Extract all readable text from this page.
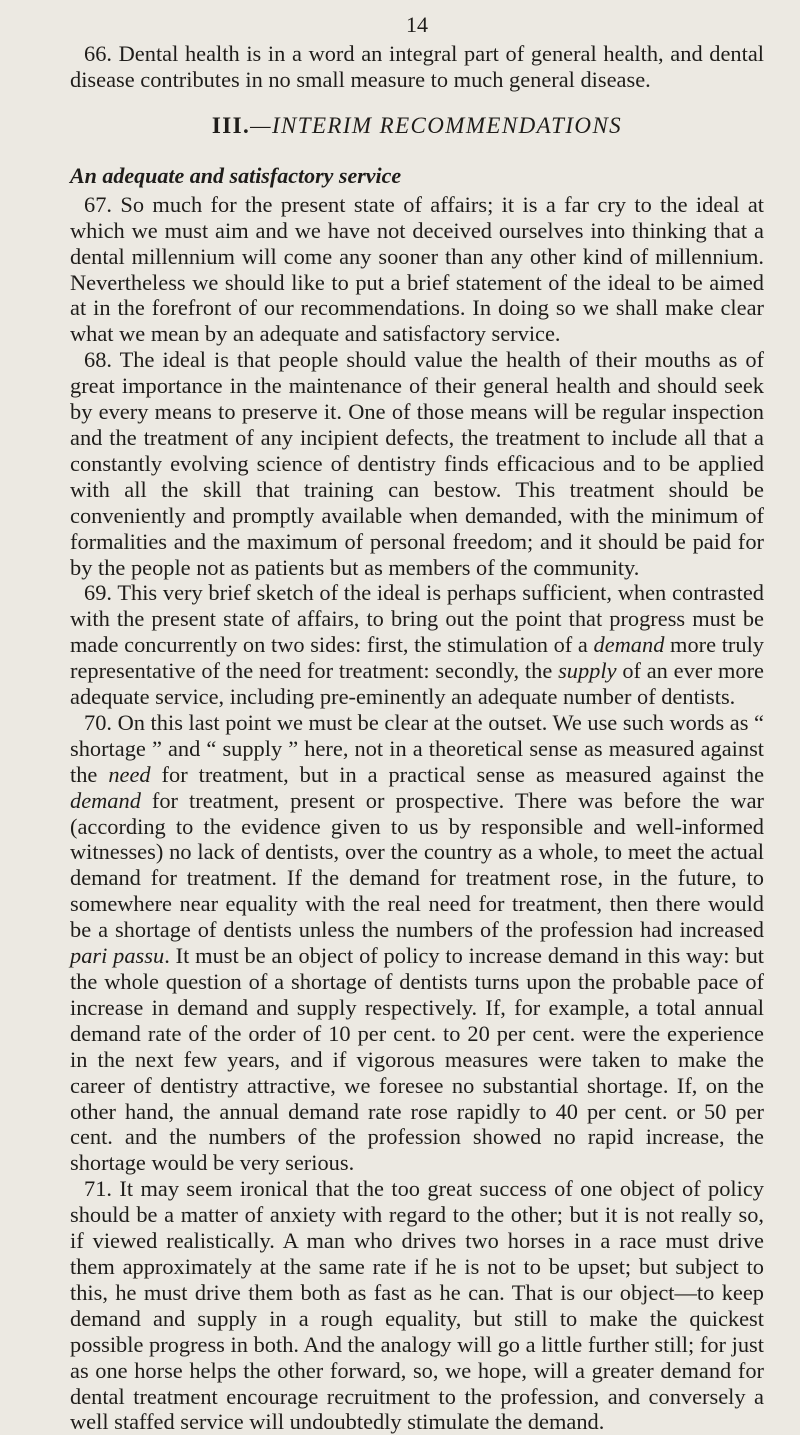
14

66. Dental health is in a word an integral part of general health, and dental disease contributes in no small measure to much general disease.

III.—INTERIM RECOMMENDATIONS
An adequate and satisfactory service

67. So much for the present state of affairs; it is a far cry to the ideal at which we must aim and we have not deceived ourselves into thinking that a dental millennium will come any sooner than any other kind of millennium. Nevertheless we should like to put a brief statement of the ideal to be aimed at in the forefront of our recommendations. In doing so we shall make clear what we mean by an adequate and satisfactory service.

68. The ideal is that people should value the health of their mouths as of great importance in the maintenance of their general health and should seek by every means to preserve it. One of those means will be regular inspection and the treatment of any incipient defects, the treatment to include all that a constantly evolving science of dentistry finds efficacious and to be applied with all the skill that training can bestow. This treatment should be conveniently and promptly available when demanded, with the minimum of formalities and the maximum of personal freedom; and it should be paid for by the people not as patients but as members of the community.

69. This very brief sketch of the ideal is perhaps sufficient, when contrasted with the present state of affairs, to bring out the point that progress must be made concurrently on two sides: first, the stimulation of a demand more truly representative of the need for treatment: secondly, the supply of an ever more adequate service, including pre-eminently an adequate number of dentists.

70. On this last point we must be clear at the outset. We use such words as “ shortage ” and “ supply ” here, not in a theoretical sense as measured against the need for treatment, but in a practical sense as measured against the demand for treatment, present or prospective. There was before the war (according to the evidence given to us by responsible and well-informed witnesses) no lack of dentists, over the country as a whole, to meet the actual demand for treatment. If the demand for treatment rose, in the future, to somewhere near equality with the real need for treatment, then there would be a shortage of dentists unless the numbers of the profession had increased pari passu. It must be an object of policy to increase demand in this way: but the whole question of a shortage of dentists turns upon the probable pace of increase in demand and supply respectively. If, for example, a total annual demand rate of the order of 10 per cent. to 20 per cent. were the experience in the next few years, and if vigorous measures were taken to make the career of dentistry attractive, we foresee no substantial shortage. If, on the other hand, the annual demand rate rose rapidly to 40 per cent. or 50 per cent. and the numbers of the profession showed no rapid increase, the shortage would be very serious.

71. It may seem ironical that the too great success of one object of policy should be a matter of anxiety with regard to the other; but it is not really so, if viewed realistically. A man who drives two horses in a race must drive them approximately at the same rate if he is not to be upset; but subject to this, he must drive them both as fast as he can. That is our object—to keep demand and supply in a rough equality, but still to make the quickest possible progress in both. And the analogy will go a little further still; for just as one horse helps the other forward, so, we hope, will a greater demand for dental treatment encourage recruitment to the profession, and conversely a well staffed service will undoubtedly stimulate the demand.
